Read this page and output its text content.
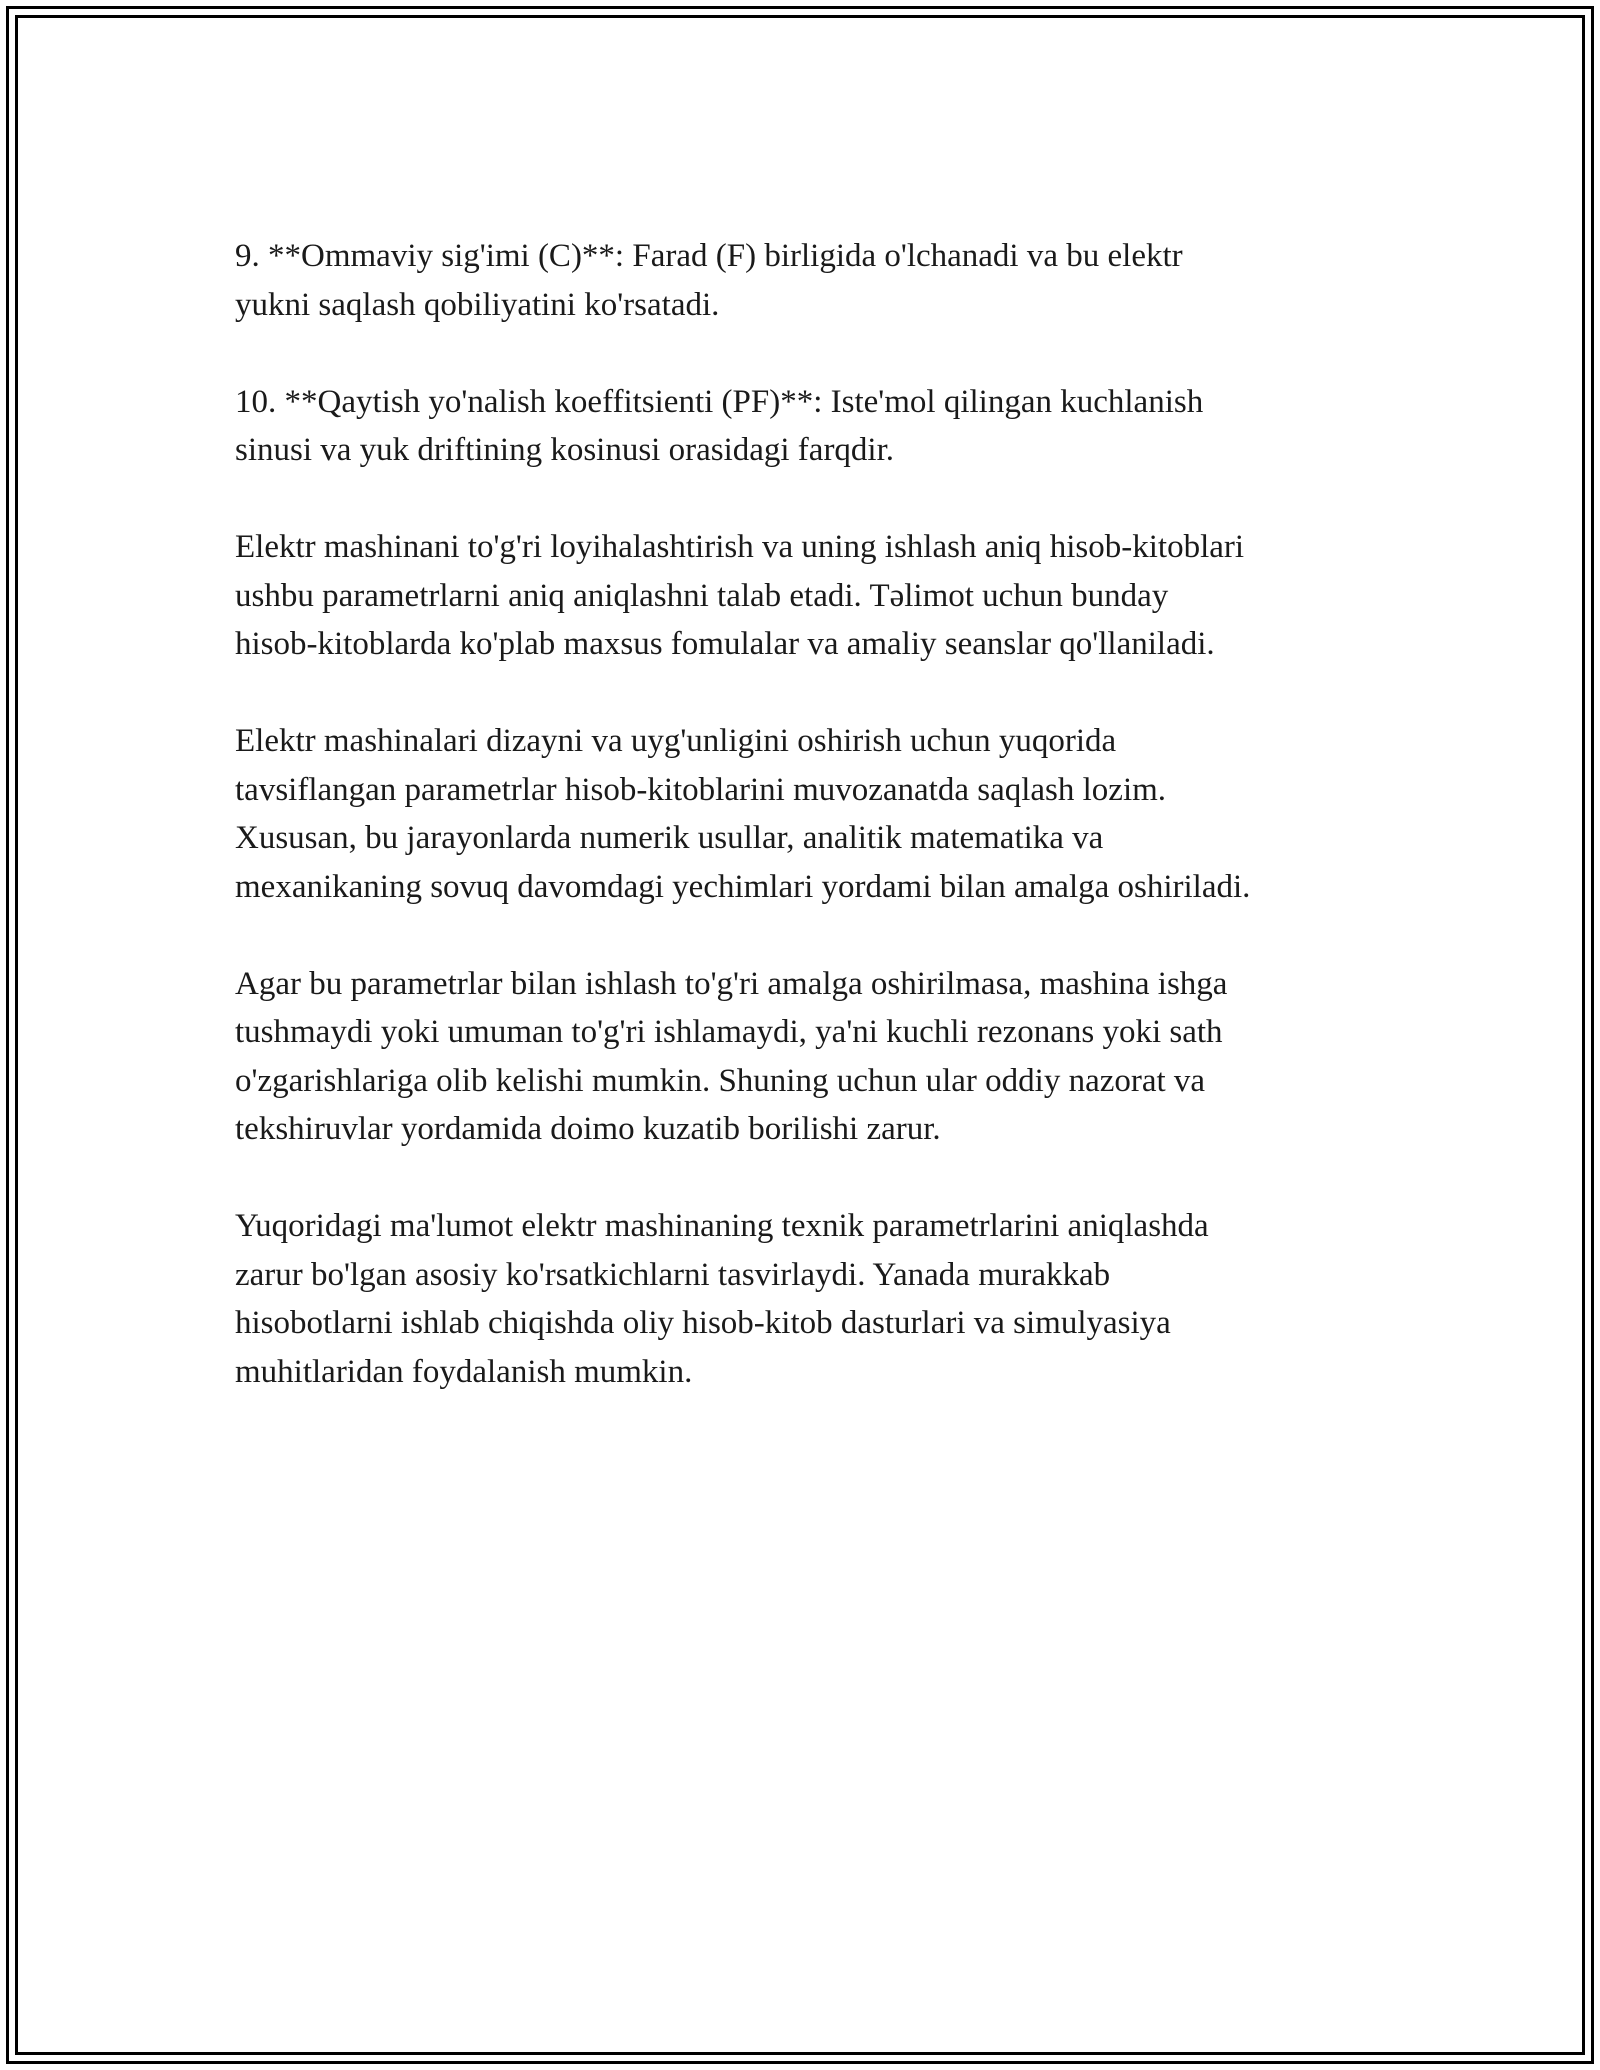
9. **Ommaviy sig'imi (C)**: Farad (F) birligida o'lchanadi va bu elektr
yukni saqlash qobiliyatini ko'rsatadi.

10. **Qaytish yo'nalish koeffitsienti (PF)**: Iste'mol qilingan kuchlanish
sinusi va yuk driftining kosinusi orasidagi farqdir.

Elektr mashinani to'g'ri loyihalashtirish va uning ishlash aniq hisob-kitoblari
ushbu parametrlarni aniq aniqlashni talab etadi. Təlimot uchun bunday
hisob-kitoblarda ko'plab maxsus fomulalar va amaliy seanslar qo'llaniladi.

Elektr mashinalari dizayni va uyg'unligini oshirish uchun yuqorida
tavsiflangan parametrlar hisob-kitoblarini muvozanatda saqlash lozim.
Xususan, bu jarayonlarda numerik usullar, analitik matematika va
mexanikaning sovuq davomdagi yechimlari yordami bilan amalga oshiriladi.

Agar bu parametrlar bilan ishlash to'g'ri amalga oshirilmasa, mashina ishga
tushmaydi yoki umuman to'g'ri ishlamaydi, ya'ni kuchli rezonans yoki sath
o'zgarishlariga olib kelishi mumkin. Shuning uchun ular oddiy nazorat va
tekshiruvlar yordamida doimo kuzatib borilishi zarur.

Yuqoridagi ma'lumot elektr mashinaning texnik parametrlarini aniqlashda
zarur bo'lgan asosiy ko'rsatkichlarni tasvirlaydi. Yanada murakkab
hisobotlarni ishlab chiqishda oliy hisob-kitob dasturlari va simulyasiya
muhitlaridan foydalanish mumkin.
